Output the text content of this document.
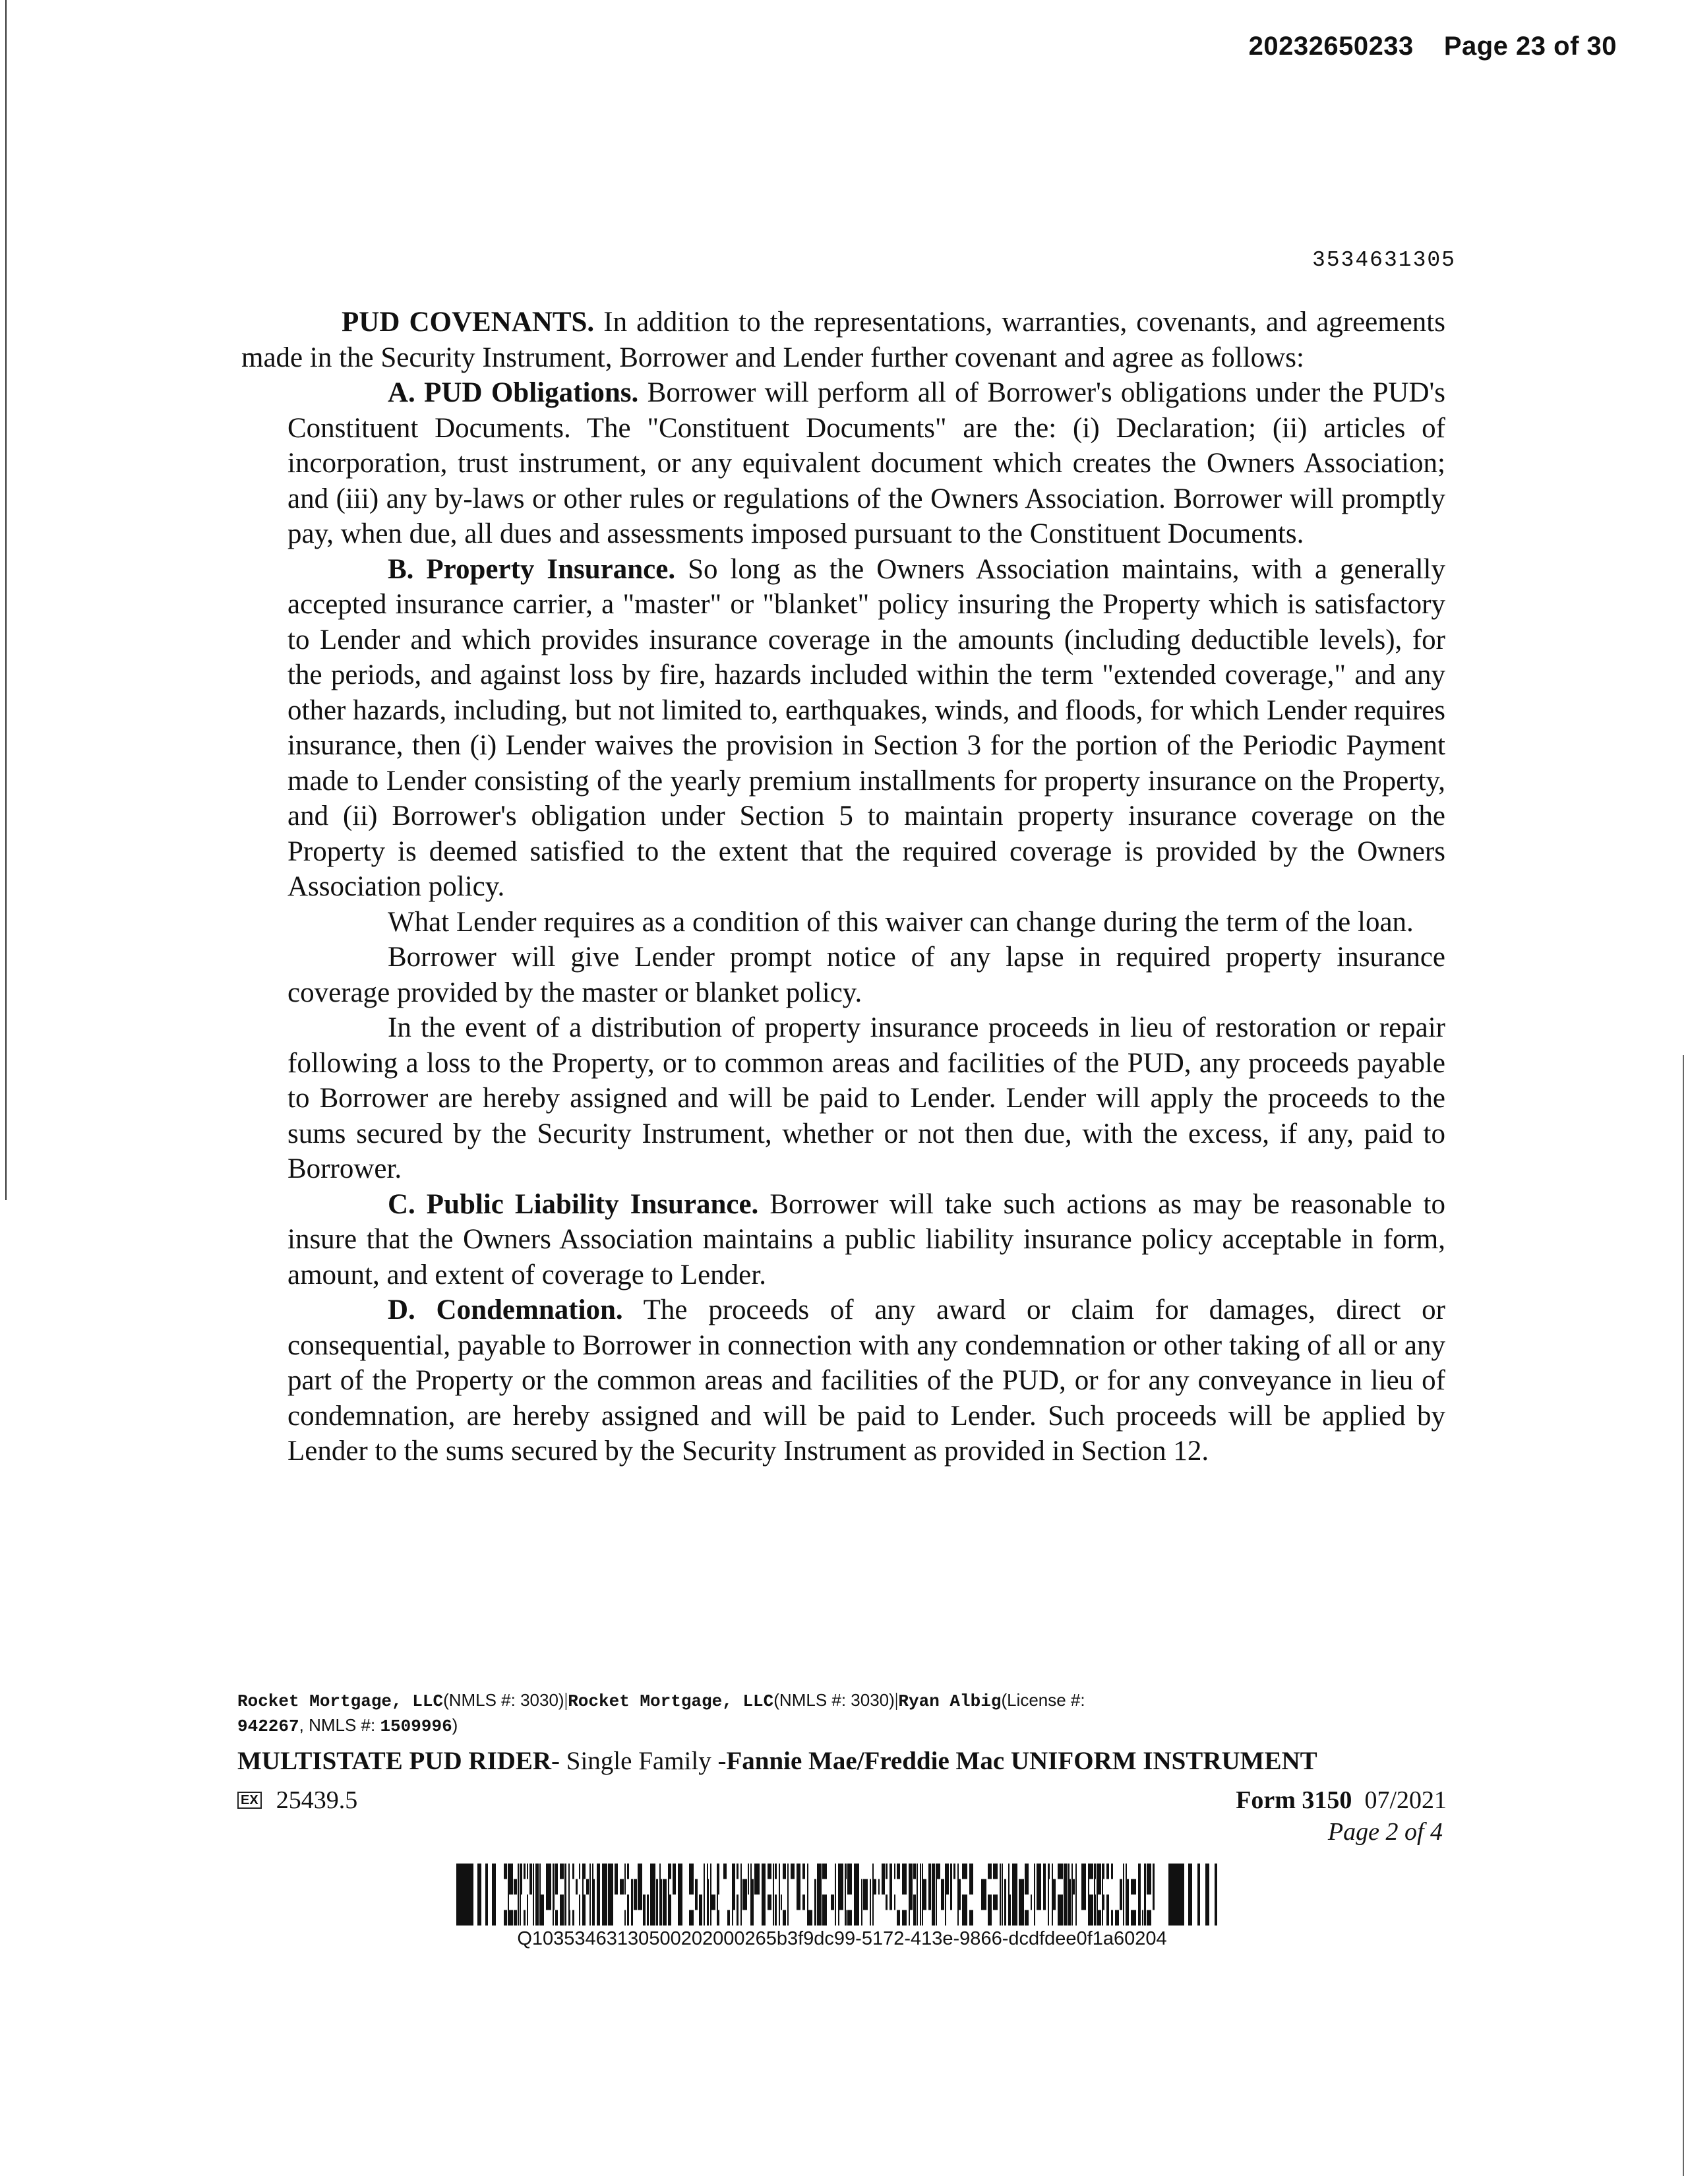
20232650233 Page 23 of 30
3534631305

PUD COVENANTS. In addition to the representations, warranties, covenants, and agreements made in the Security Instrument, Borrower and Lender further covenant and agree as follows:

A. PUD Obligations. Borrower will perform all of Borrower's obligations under the PUD's Constituent Documents. The "Constituent Documents" are the: (i) Declaration; (ii) articles of incorporation, trust instrument, or any equivalent document which creates the Owners Association; and (iii) any by-laws or other rules or regulations of the Owners Association. Borrower will promptly pay, when due, all dues and assessments imposed pursuant to the Constituent Documents.

B. Property Insurance. So long as the Owners Association maintains, with a generally accepted insurance carrier, a "master" or "blanket" policy insuring the Property which is satisfactory to Lender and which provides insurance coverage in the amounts (including deductible levels), for the periods, and against loss by fire, hazards included within the term "extended coverage," and any other hazards, including, but not limited to, earthquakes, winds, and floods, for which Lender requires insurance, then (i) Lender waives the provision in Section 3 for the portion of the Periodic Payment made to Lender consisting of the yearly premium installments for property insurance on the Property, and (ii) Borrower's obligation under Section 5 to maintain property insurance coverage on the Property is deemed satisfied to the extent that the required coverage is provided by the Owners Association policy.

What Lender requires as a condition of this waiver can change during the term of the loan.

Borrower will give Lender prompt notice of any lapse in required property insurance coverage provided by the master or blanket policy.

In the event of a distribution of property insurance proceeds in lieu of restoration or repair following a loss to the Property, or to common areas and facilities of the PUD, any proceeds payable to Borrower are hereby assigned and will be paid to Lender. Lender will apply the proceeds to the sums secured by the Security Instrument, whether or not then due, with the excess, if any, paid to Borrower.

C. Public Liability Insurance. Borrower will take such actions as may be reasonable to insure that the Owners Association maintains a public liability insurance policy acceptable in form, amount, and extent of coverage to Lender.

D. Condemnation. The proceeds of any award or claim for damages, direct or consequential, payable to Borrower in connection with any condemnation or other taking of all or any part of the Property or the common areas and facilities of the PUD, or for any conveyance in lieu of condemnation, are hereby assigned and will be paid to Lender. Such proceeds will be applied by Lender to the sums secured by the Security Instrument as provided in Section 12.

Rocket Mortgage, LLC(NMLS #: 3030)|Rocket Mortgage, LLC(NMLS #: 3030)|Ryan Albig(License #:
942267, NMLS #: 1509996)
MULTISTATE PUD RIDER- Single Family -Fannie Mae/Freddie Mac UNIFORM INSTRUMENT
EX 25439.5	Form 3150  07/2021
Page 2 of 4
Q10353463130500202000265b3f9dc99-5172-413e-9866-dcdfdee0f1a60204
